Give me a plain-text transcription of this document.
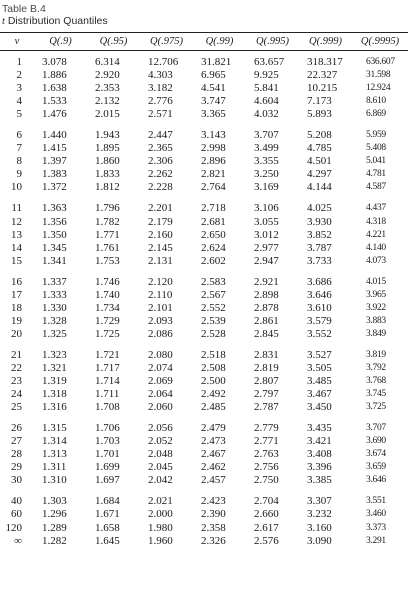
Table B.4
t Distribution Quantiles
ν	Q(.9)	Q(.95)	Q(.975)	Q(.99)	Q(.995)	Q(.999)	Q(.9995)

1	3.078	6.314	12.706	31.821	63.657	318.317	636.607
2	1.886	2.920	4.303	6.965	9.925	22.327	31.598
3	1.638	2.353	3.182	4.541	5.841	10.215	12.924
4	1.533	2.132	2.776	3.747	4.604	7.173	8.610
5	1.476	2.015	2.571	3.365	4.032	5.893	6.869

6	1.440	1.943	2.447	3.143	3.707	5.208	5.959
7	1.415	1.895	2.365	2.998	3.499	4.785	5.408
8	1.397	1.860	2.306	2.896	3.355	4.501	5.041
9	1.383	1.833	2.262	2.821	3.250	4.297	4.781
10	1.372	1.812	2.228	2.764	3.169	4.144	4.587

11	1.363	1.796	2.201	2.718	3.106	4.025	4.437
12	1.356	1.782	2.179	2.681	3.055	3.930	4.318
13	1.350	1.771	2.160	2.650	3.012	3.852	4.221
14	1.345	1.761	2.145	2.624	2.977	3.787	4.140
15	1.341	1.753	2.131	2.602	2.947	3.733	4.073

16	1.337	1.746	2.120	2.583	2.921	3.686	4.015
17	1.333	1.740	2.110	2.567	2.898	3.646	3.965
18	1.330	1.734	2.101	2.552	2.878	3.610	3.922
19	1.328	1.729	2.093	2.539	2.861	3.579	3.883
20	1.325	1.725	2.086	2.528	2.845	3.552	3.849

21	1.323	1.721	2.080	2.518	2.831	3.527	3.819
22	1.321	1.717	2.074	2.508	2.819	3.505	3.792
23	1.319	1.714	2.069	2.500	2.807	3.485	3.768
24	1.318	1.711	2.064	2.492	2.797	3.467	3.745
25	1.316	1.708	2.060	2.485	2.787	3.450	3.725

26	1.315	1.706	2.056	2.479	2.779	3.435	3.707
27	1.314	1.703	2.052	2.473	2.771	3.421	3.690
28	1.313	1.701	2.048	2.467	2.763	3.408	3.674
29	1.311	1.699	2.045	2.462	2.756	3.396	3.659
30	1.310	1.697	2.042	2.457	2.750	3.385	3.646

40	1.303	1.684	2.021	2.423	2.704	3.307	3.551
60	1.296	1.671	2.000	2.390	2.660	3.232	3.460
120	1.289	1.658	1.980	2.358	2.617	3.160	3.373
∞	1.282	1.645	1.960	2.326	2.576	3.090	3.291
